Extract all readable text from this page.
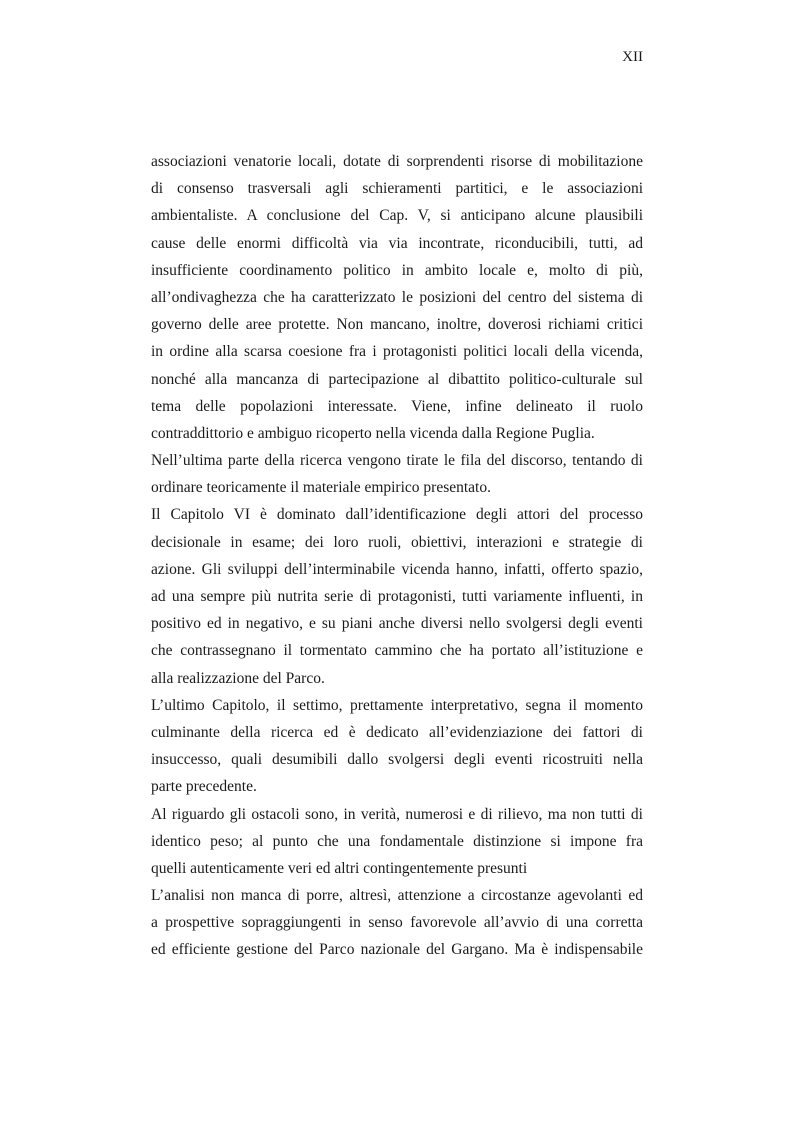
XII
associazioni venatorie locali, dotate di sorprendenti risorse di mobilitazione
di consenso trasversali agli schieramenti partitici, e le associazioni
ambientaliste. A conclusione del Cap. V, si anticipano alcune plausibili
cause delle enormi difficoltà via via incontrate, riconducibili, tutti, ad
insufficiente coordinamento politico in ambito locale e, molto di più,
all’ondivaghezza che ha caratterizzato le posizioni del centro del sistema di
governo delle aree protette. Non mancano, inoltre, doverosi richiami critici
in ordine alla scarsa coesione fra i protagonisti politici locali della vicenda,
nonché alla mancanza di partecipazione al dibattito politico-culturale sul
tema delle popolazioni interessate. Viene, infine delineato il ruolo
contraddittorio e ambiguo ricoperto nella vicenda dalla Regione Puglia.
Nell’ultima parte della ricerca vengono tirate le fila del discorso, tentando di
ordinare teoricamente il materiale empirico presentato.
Il Capitolo VI è dominato dall’identificazione degli attori del processo
decisionale in esame; dei loro ruoli, obiettivi, interazioni e strategie di
azione. Gli sviluppi dell’interminabile vicenda hanno, infatti, offerto spazio,
ad una sempre più nutrita serie di protagonisti, tutti variamente influenti, in
positivo ed in negativo, e su piani anche diversi nello svolgersi degli eventi
che contrassegnano il tormentato cammino che ha portato all’istituzione e
alla realizzazione del Parco.
L’ultimo Capitolo, il settimo, prettamente interpretativo, segna il momento
culminante della ricerca ed è dedicato all’evidenziazione dei fattori di
insuccesso, quali desumibili dallo svolgersi degli eventi ricostruiti nella
parte precedente.
Al riguardo gli ostacoli sono, in verità, numerosi e di rilievo, ma non tutti di
identico peso; al punto che una fondamentale distinzione si impone fra
quelli autenticamente veri ed altri contingentemente presunti
L’analisi non manca di porre, altresì, attenzione a circostanze agevolanti ed
a prospettive sopraggiungenti in senso favorevole all’avvio di una corretta
ed efficiente gestione del Parco nazionale del Gargano. Ma è indispensabile
